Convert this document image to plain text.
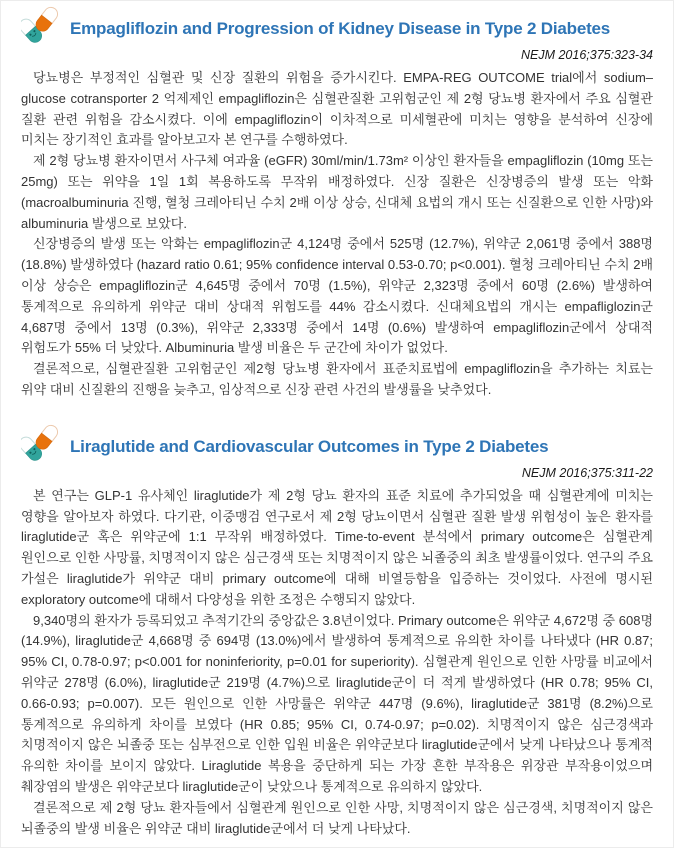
Empagliflozin and Progression of Kidney Disease in Type 2 Diabetes
NEJM 2016;375:323-34

당뇨병은 부정적인 심혈관 및 신장 질환의 위험을 증가시킨다. EMPA-REG OUTCOME trial에서 sodium–glucose cotransporter 2 억제제인 empagliflozin은 심혈관질환 고위험군인 제 2형 당뇨병 환자에서 주요 심혈관 질환 관련 위험을 감소시켰다. 이에 empagliflozin이 이차적으로 미세혈관에 미치는 영향을 분석하여 신장에 미치는 장기적인 효과를 알아보고자 본 연구를 수행하였다.

제 2형 당뇨병 환자이면서 사구체 여과율 (eGFR) 30ml/min/1.73m² 이상인 환자들을 empagliflozin (10mg 또는 25mg) 또는 위약을 1일 1회 복용하도록 무작위 배정하였다. 신장 질환은 신장병증의 발생 또는 악화 (macroalbuminuria 진행, 혈청 크레아티닌 수치 2배 이상 상승, 신대체 요법의 개시 또는 신질환으로 인한 사망)와 albuminuria 발생으로 보았다.

신장병증의 발생 또는 악화는 empagliflozin군 4,124명 중에서 525명 (12.7%), 위약군 2,061명 중에서 388명 (18.8%) 발생하였다 (hazard ratio 0.61; 95% confidence interval 0.53-0.70; p<0.001). 혈청 크레아티닌 수치 2배 이상 상승은 empagliflozin군 4,645명 중에서 70명 (1.5%), 위약군 2,323명 중에서 60명 (2.6%) 발생하여 통계적으로 유의하게 위약군 대비 상대적 위험도를 44% 감소시켰다. 신대체요법의 개시는 empafliglozin군 4,687명 중에서 13명 (0.3%), 위약군 2,333명 중에서 14명 (0.6%) 발생하여 empagliflozin군에서 상대적 위험도가 55% 더 낮았다. Albuminuria 발생 비율은 두 군간에 차이가 없었다.

결론적으로, 심혈관질환 고위험군인 제2형 당뇨병 환자에서 표준치료법에 empagliflozin을 추가하는 치료는 위약 대비 신질환의 진행을 늦추고, 임상적으로 신장 관련 사건의 발생률을 낮추었다.

Liraglutide and Cardiovascular Outcomes in Type 2 Diabetes
NEJM 2016;375:311-22

본 연구는 GLP-1 유사체인 liraglutide가 제 2형 당뇨 환자의 표준 치료에 추가되었을 때 심혈관계에 미치는 영향을 알아보자 하였다. 다기관, 이중맹검 연구로서 제 2형 당뇨이면서 심혈관 질환 발생 위험성이 높은 환자를 liraglutide군 혹은 위약군에 1:1 무작위 배정하였다. Time-to-event 분석에서 primary outcome은 심혈관계 원인으로 인한 사망률, 치명적이지 않은 심근경색 또는 치명적이지 않은 뇌졸중의 최초 발생률이었다. 연구의 주요 가설은 liraglutide가 위약군 대비 primary outcome에 대해 비열등함을 입증하는 것이었다. 사전에 명시된 exploratory outcome에 대해서 다양성을 위한 조정은 수행되지 않았다.

9,340명의 환자가 등록되었고 추적기간의 중앙값은 3.8년이었다. Primary outcome은 위약군 4,672명 중 608명 (14.9%), liraglutide군 4,668명 중 694명 (13.0%)에서 발생하여 통계적으로 유의한 차이를 나타냈다 (HR 0.87; 95% CI, 0.78-0.97; p<0.001 for noninferiority, p=0.01 for superiority). 심혈관계 원인으로 인한 사망률 비교에서 위약군 278명 (6.0%), liraglutide군 219명 (4.7%)으로 liraglutide군이 더 적게 발생하였다 (HR 0.78; 95% CI, 0.66-0.93; p=0.007). 모든 원인으로 인한 사망률은 위약군 447명 (9.6%), liraglutide군 381명 (8.2%)으로 통계적으로 유의하게 차이를 보였다 (HR 0.85; 95% CI, 0.74-0.97; p=0.02). 치명적이지 않은 심근경색과 치명적이지 않은 뇌졸중 또는 심부전으로 인한 입원 비율은 위약군보다 liraglutide군에서 낮게 나타났으나 통계적 유의한 차이를 보이지 않았다. Liraglutide 복용을 중단하게 되는 가장 흔한 부작용은 위장관 부작용이었으며 췌장염의 발생은 위약군보다 liraglutide군이 낮았으나 통계적으로 유의하지 않았다.

결론적으로 제 2형 당뇨 환자들에서 심혈관계 원인으로 인한 사망, 치명적이지 않은 심근경색, 치명적이지 않은 뇌졸중의 발생 비율은 위약군 대비 liraglutide군에서 더 낮게 나타났다.
